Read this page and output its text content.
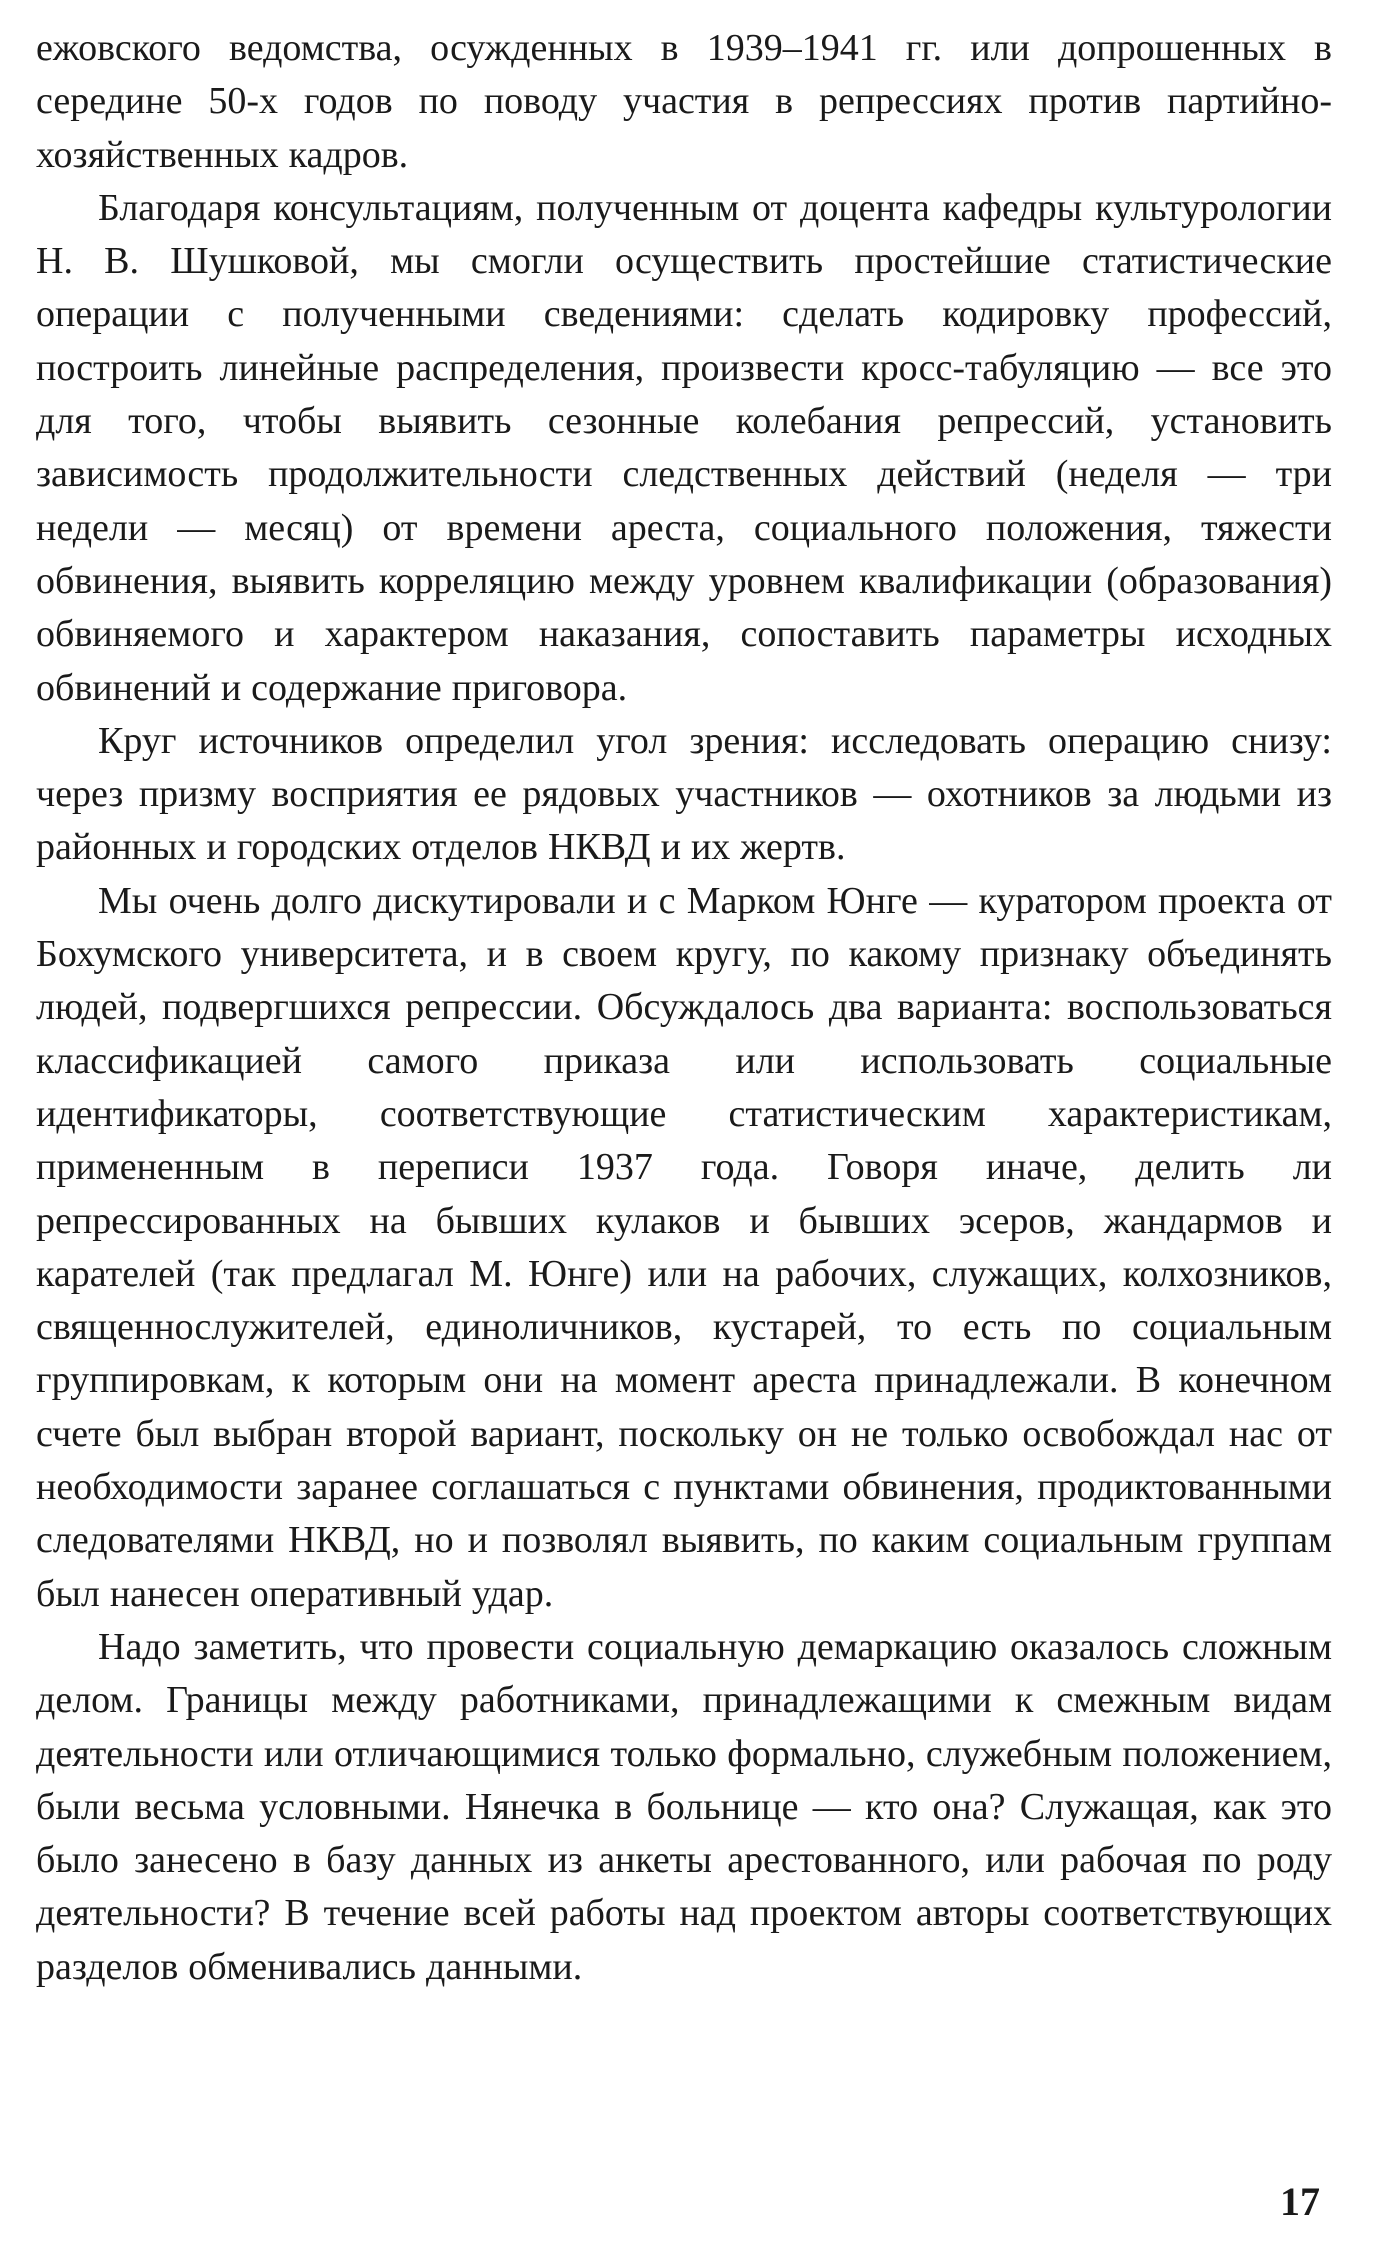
ежовского ведомства, осужденных в 1939–1941 гг. или допрошенных в середине 50-х годов по поводу участия в репрессиях против партийно-хозяйственных кадров.

Благодаря консультациям, полученным от доцента кафедры культурологии Н. В. Шушковой, мы смогли осуществить простейшие статистические операции с полученными сведениями: сделать кодировку профессий, построить линейные распределения, произвести кросс-табуляцию — все это для того, чтобы выявить сезонные колебания репрессий, установить зависимость продолжительности следственных действий (неделя — три недели — месяц) от времени ареста, социального положения, тяжести обвинения, выявить корреляцию между уровнем квалификации (образования) обвиняемого и характером наказания, сопоставить параметры исходных обвинений и содержание приговора.

Круг источников определил угол зрения: исследовать операцию снизу: через призму восприятия ее рядовых участников — охотников за людьми из районных и городских отделов НКВД и их жертв.

Мы очень долго дискутировали и с Марком Юнге — куратором проекта от Бохумского университета, и в своем кругу, по какому признаку объединять людей, подвергшихся репрессии. Обсуждалось два варианта: воспользоваться классификацией самого приказа или использовать социальные идентификаторы, соответствующие статистическим характеристикам, примененным в переписи 1937 года. Говоря иначе, делить ли репрессированных на бывших кулаков и бывших эсеров, жандармов и карателей (так предлагал М. Юнге) или на рабочих, служащих, колхозников, священнослужителей, единоличников, кустарей, то есть по социальным группировкам, к которым они на момент ареста принадлежали. В конечном счете был выбран второй вариант, поскольку он не только освобождал нас от необходимости заранее соглашаться с пунктами обвинения, продиктованными следователями НКВД, но и позволял выявить, по каким социальным группам был нанесен оперативный удар.

Надо заметить, что провести социальную демаркацию оказалось сложным делом. Границы между работниками, принадлежащими к смежным видам деятельности или отличающимися только формально, служебным положением, были весьма условными. Нянечка в больнице — кто она? Служащая, как это было занесено в базу данных из анкеты арестованного, или рабочая по роду деятельности? В течение всей работы над проектом авторы соответствующих разделов обменивались данными.

17
